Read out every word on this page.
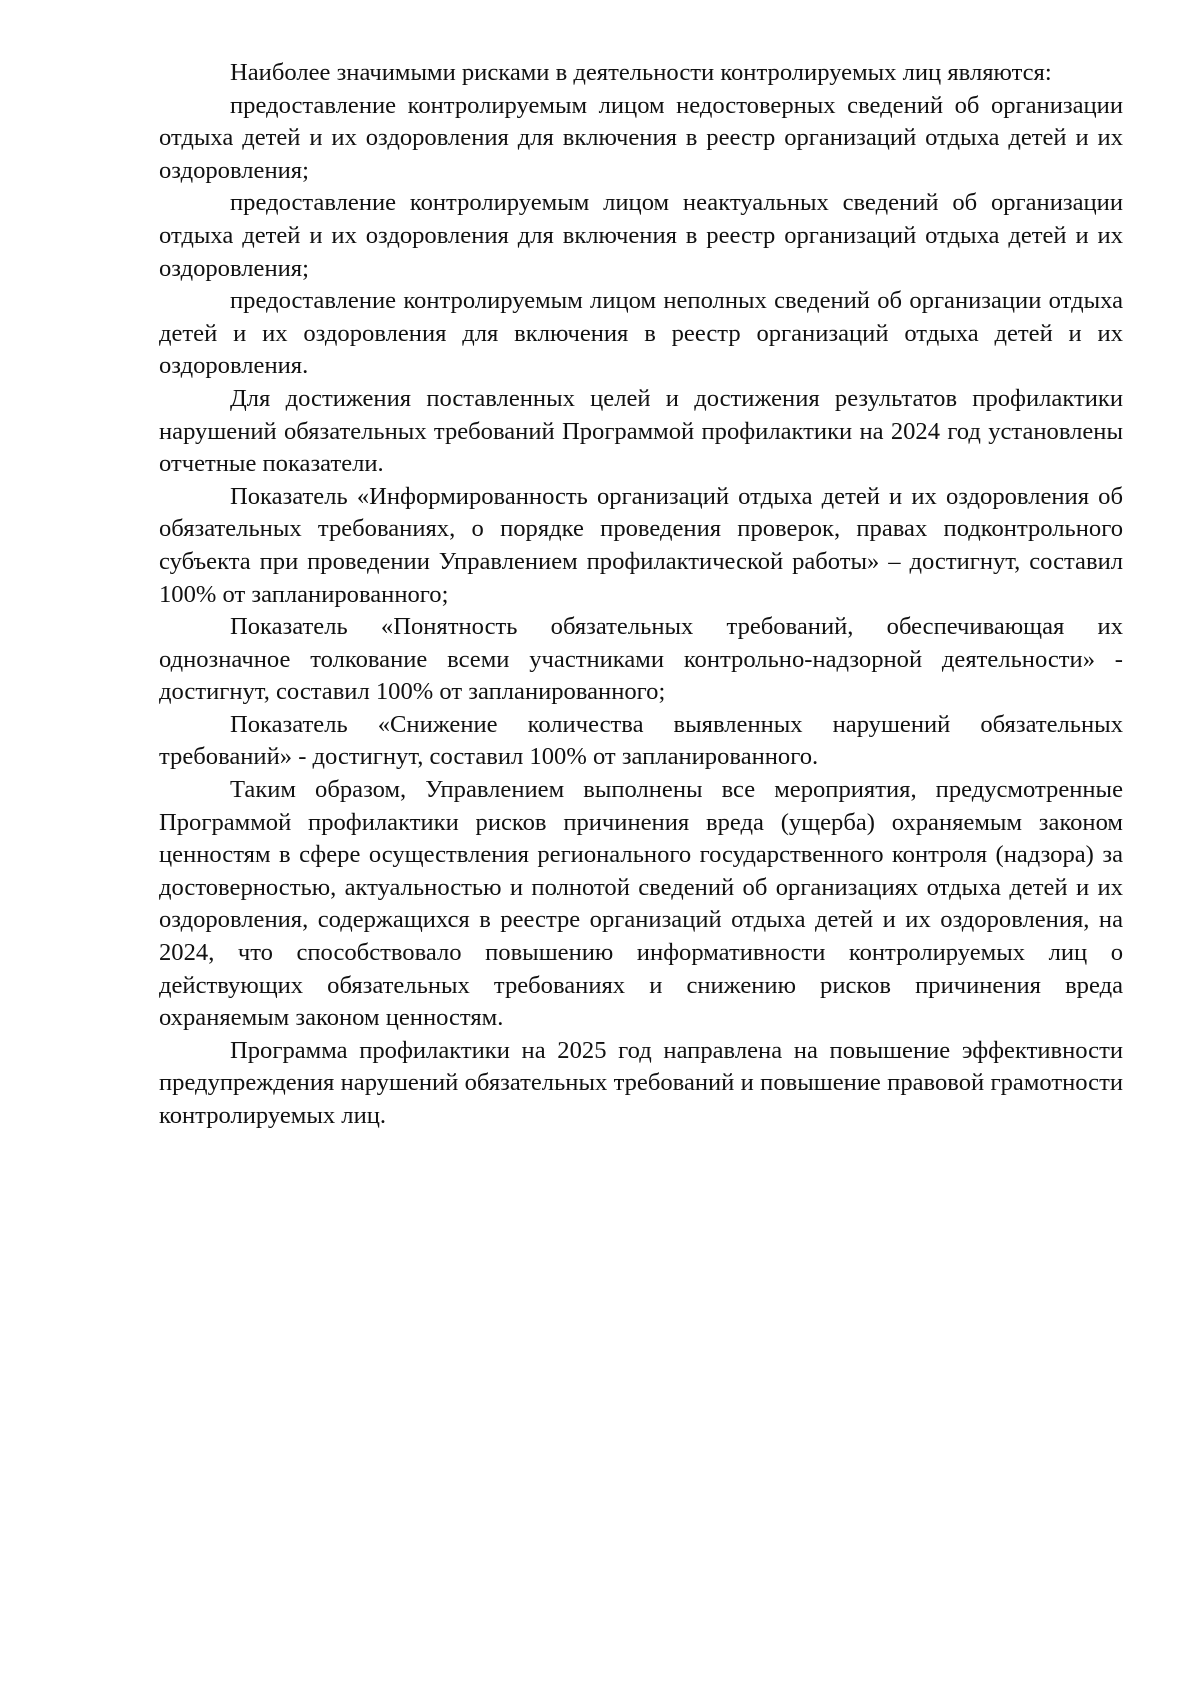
Наиболее значимыми рисками в деятельности контролируемых лиц являются:

предоставление контролируемым лицом недостоверных сведений об организации отдыха детей и их оздоровления для включения в реестр организаций отдыха детей и их оздоровления;

предоставление контролируемым лицом неактуальных сведений об организации отдыха детей и их оздоровления для включения в реестр организаций отдыха детей и их оздоровления;

предоставление контролируемым лицом неполных сведений об организации отдыха детей и их оздоровления для включения в реестр организаций отдыха детей и их оздоровления.

Для достижения поставленных целей и достижения результатов профилактики нарушений обязательных требований Программой профилактики на 2024 год установлены отчетные показатели.

Показатель «Информированность организаций отдыха детей и их оздоровления об обязательных требованиях, о порядке проведения проверок, правах подконтрольного субъекта при проведении Управлением профилактической работы» – достигнут, составил 100% от запланированного;

Показатель «Понятность обязательных требований, обеспечивающая их однозначное толкование всеми участниками контрольно-надзорной деятельности» - достигнут, составил 100% от запланированного;

Показатель «Снижение количества выявленных нарушений обязательных требований» - достигнут, составил 100% от запланированного.

Таким образом, Управлением выполнены все мероприятия, предусмотренные Программой профилактики рисков причинения вреда (ущерба) охраняемым законом ценностям в сфере осуществления регионального государственного контроля (надзора) за достоверностью, актуальностью и полнотой сведений об организациях отдыха детей и их оздоровления, содержащихся в реестре организаций отдыха детей и их оздоровления, на 2024, что способствовало повышению информативности контролируемых лиц о действующих обязательных требованиях и снижению рисков причинения вреда охраняемым законом ценностям.

Программа профилактики на 2025 год направлена на повышение эффективности предупреждения нарушений обязательных требований и повышение правовой грамотности контролируемых лиц.
